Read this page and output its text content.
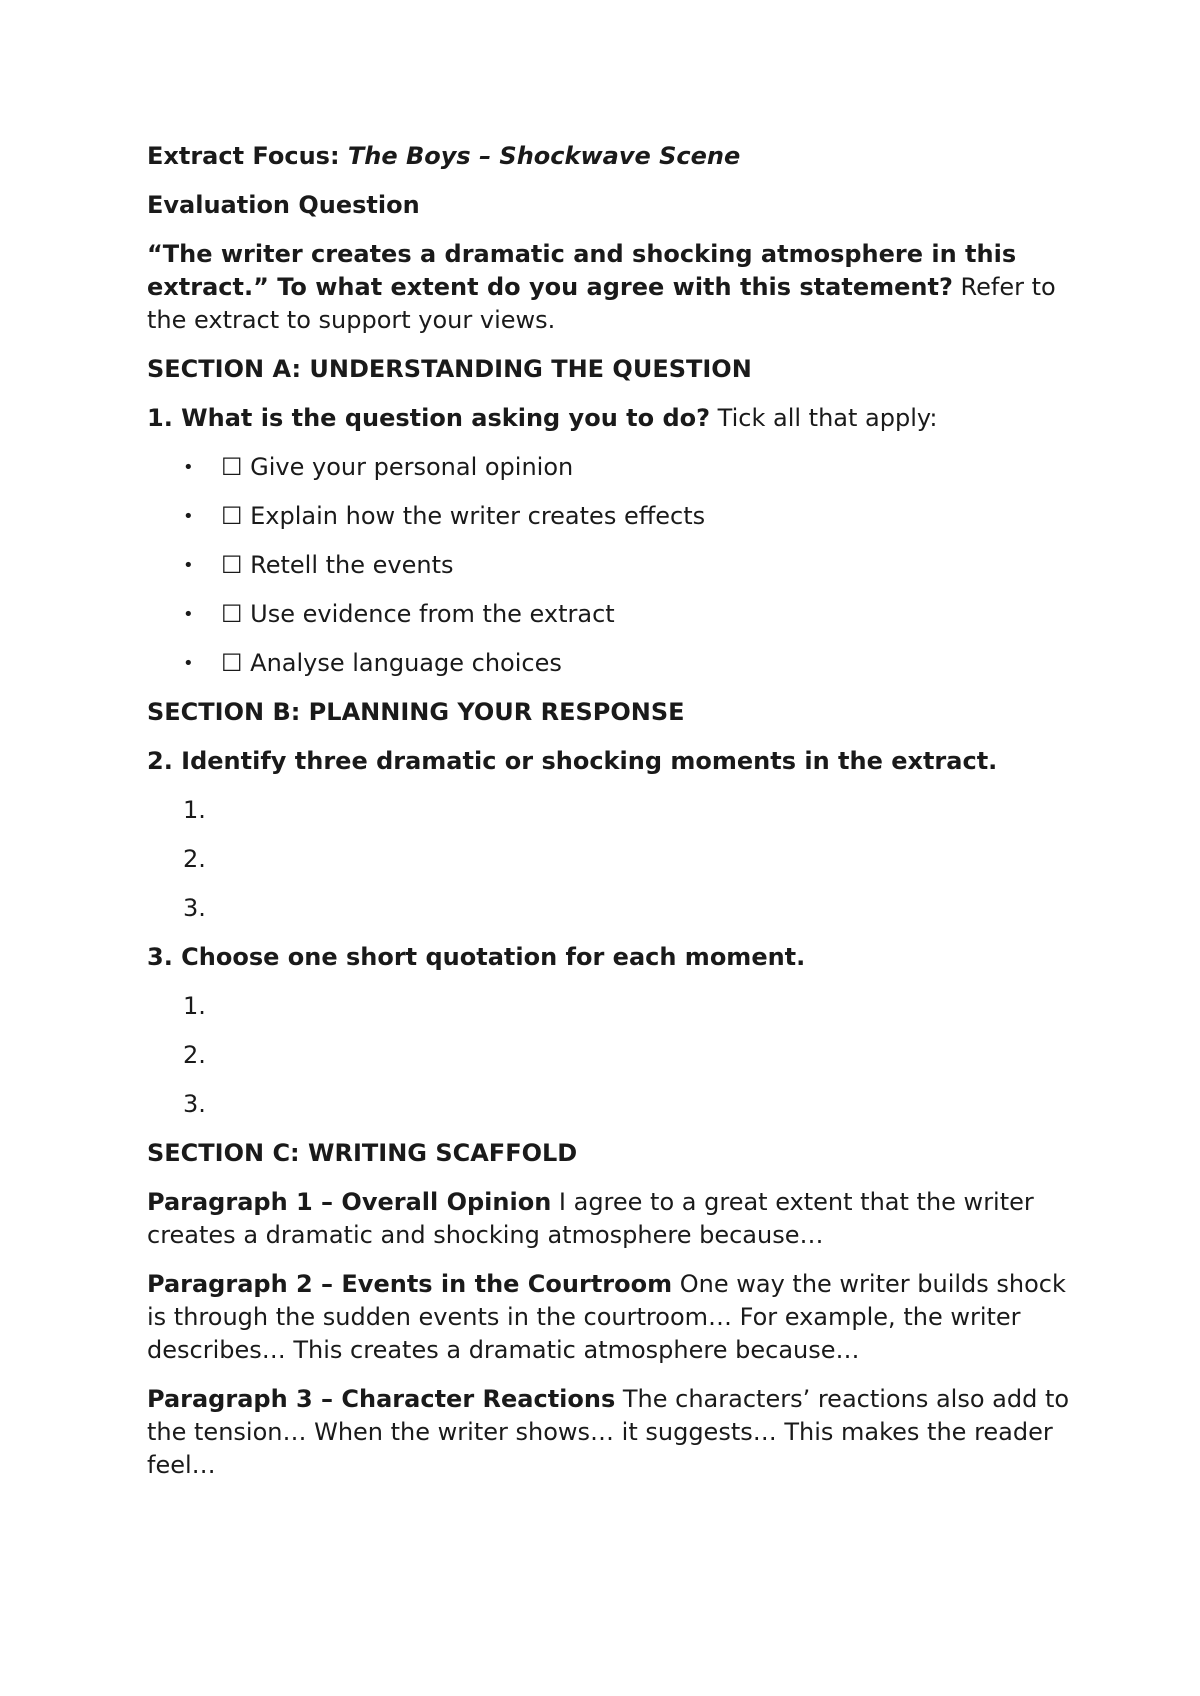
Extract Focus: The Boys – Shockwave Scene

Evaluation Question

“The writer creates a dramatic and shocking atmosphere in this extract.” To what extent do you agree with this statement? Refer to the extract to support your views.

SECTION A: UNDERSTANDING THE QUESTION

1. What is the question asking you to do? Tick all that apply:

• ☐ Give your personal opinion
• ☐ Explain how the writer creates effects
• ☐ Retell the events
• ☐ Use evidence from the extract
• ☐ Analyse language choices

SECTION B: PLANNING YOUR RESPONSE

2. Identify three dramatic or shocking moments in the extract.

1.
2.
3.

3. Choose one short quotation for each moment.

1.
2.
3.

SECTION C: WRITING SCAFFOLD

Paragraph 1 – Overall Opinion I agree to a great extent that the writer creates a dramatic and shocking atmosphere because…

Paragraph 2 – Events in the Courtroom One way the writer builds shock is through the sudden events in the courtroom… For example, the writer describes… This creates a dramatic atmosphere because…

Paragraph 3 – Character Reactions The characters’ reactions also add to the tension… When the writer shows… it suggests… This makes the reader feel…
